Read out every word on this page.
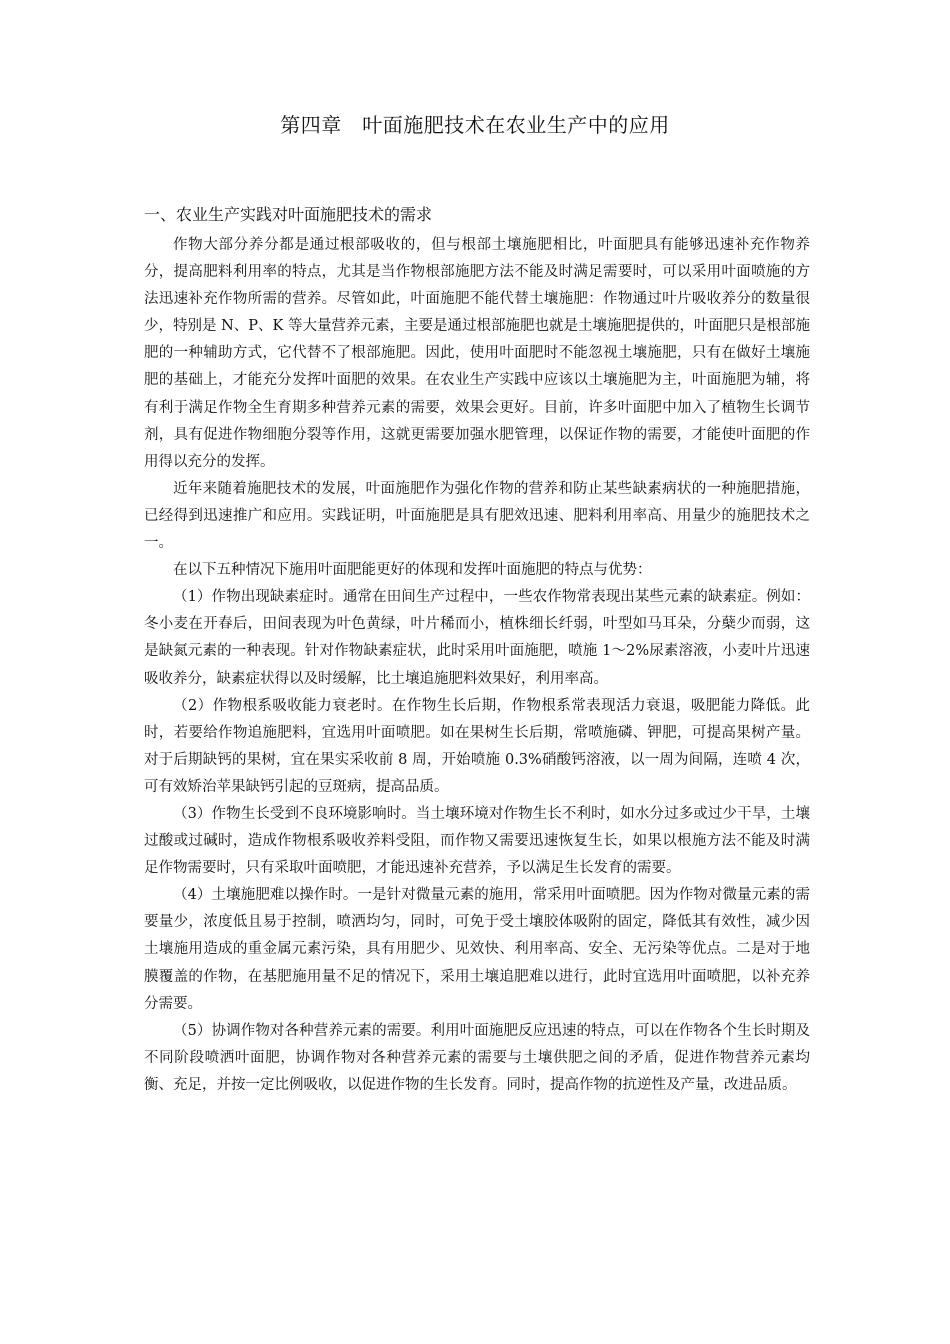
第四章　叶面施肥技术在农业生产中的应用
一、农业生产实践对叶面施肥技术的需求

作物大部分养分都是通过根部吸收的，但与根部土壤施肥相比，叶面肥具有能够迅速补充作物养分，提高肥料利用率的特点，尤其是当作物根部施肥方法不能及时满足需要时，可以采用叶面喷施的方法迅速补充作物所需的营养。尽管如此，叶面施肥不能代替土壤施肥：作物通过叶片吸收养分的数量很少，特别是 N、P、K 等大量营养元素，主要是通过根部施肥也就是土壤施肥提供的，叶面肥只是根部施肥的一种辅助方式，它代替不了根部施肥。因此，使用叶面肥时不能忽视土壤施肥，只有在做好土壤施肥的基础上，才能充分发挥叶面肥的效果。在农业生产实践中应该以土壤施肥为主，叶面施肥为辅，将有利于满足作物全生育期多种营养元素的需要，效果会更好。目前，许多叶面肥中加入了植物生长调节剂，具有促进作物细胞分裂等作用，这就更需要加强水肥管理，以保证作物的需要，才能使叶面肥的作用得以充分的发挥。

近年来随着施肥技术的发展，叶面施肥作为强化作物的营养和防止某些缺素病状的一种施肥措施，已经得到迅速推广和应用。实践证明，叶面施肥是具有肥效迅速、肥料利用率高、用量少的施肥技术之一。

在以下五种情况下施用叶面肥能更好的体现和发挥叶面施肥的特点与优势：

（1）作物出现缺素症时。通常在田间生产过程中，一些农作物常表现出某些元素的缺素症。例如：冬小麦在开春后，田间表现为叶色黄绿，叶片稀而小，植株细长纤弱，叶型如马耳朵，分蘖少而弱，这是缺氮元素的一种表现。针对作物缺素症状，此时采用叶面施肥，喷施 1～2%尿素溶液，小麦叶片迅速吸收养分，缺素症状得以及时缓解，比土壤追施肥料效果好，利用率高。

（2）作物根系吸收能力衰老时。在作物生长后期，作物根系常表现活力衰退，吸肥能力降低。此时，若要给作物追施肥料，宜选用叶面喷肥。如在果树生长后期，常喷施磷、钾肥，可提高果树产量。对于后期缺钙的果树，宜在果实采收前 8 周，开始喷施 0.3%硝酸钙溶液，以一周为间隔，连喷 4 次，可有效矫治苹果缺钙引起的豆斑病，提高品质。

（3）作物生长受到不良环境影响时。当土壤环境对作物生长不利时，如水分过多或过少干旱，土壤过酸或过碱时，造成作物根系吸收养料受阻，而作物又需要迅速恢复生长，如果以根施方法不能及时满足作物需要时，只有采取叶面喷肥，才能迅速补充营养，予以满足生长发育的需要。

（4）土壤施肥难以操作时。一是针对微量元素的施用，常采用叶面喷肥。因为作物对微量元素的需要量少，浓度低且易于控制，喷洒均匀，同时，可免于受土壤胶体吸附的固定，降低其有效性，减少因土壤施用造成的重金属元素污染，具有用肥少、见效快、利用率高、安全、无污染等优点。二是对于地膜覆盖的作物，在基肥施用量不足的情况下，采用土壤追肥难以进行，此时宜选用叶面喷肥，以补充养分需要。

（5）协调作物对各种营养元素的需要。利用叶面施肥反应迅速的特点，可以在作物各个生长时期及不同阶段喷洒叶面肥，协调作物对各种营养元素的需要与土壤供肥之间的矛盾，促进作物营养元素均衡、充足，并按一定比例吸收，以促进作物的生长发育。同时，提高作物的抗逆性及产量，改进品质。
